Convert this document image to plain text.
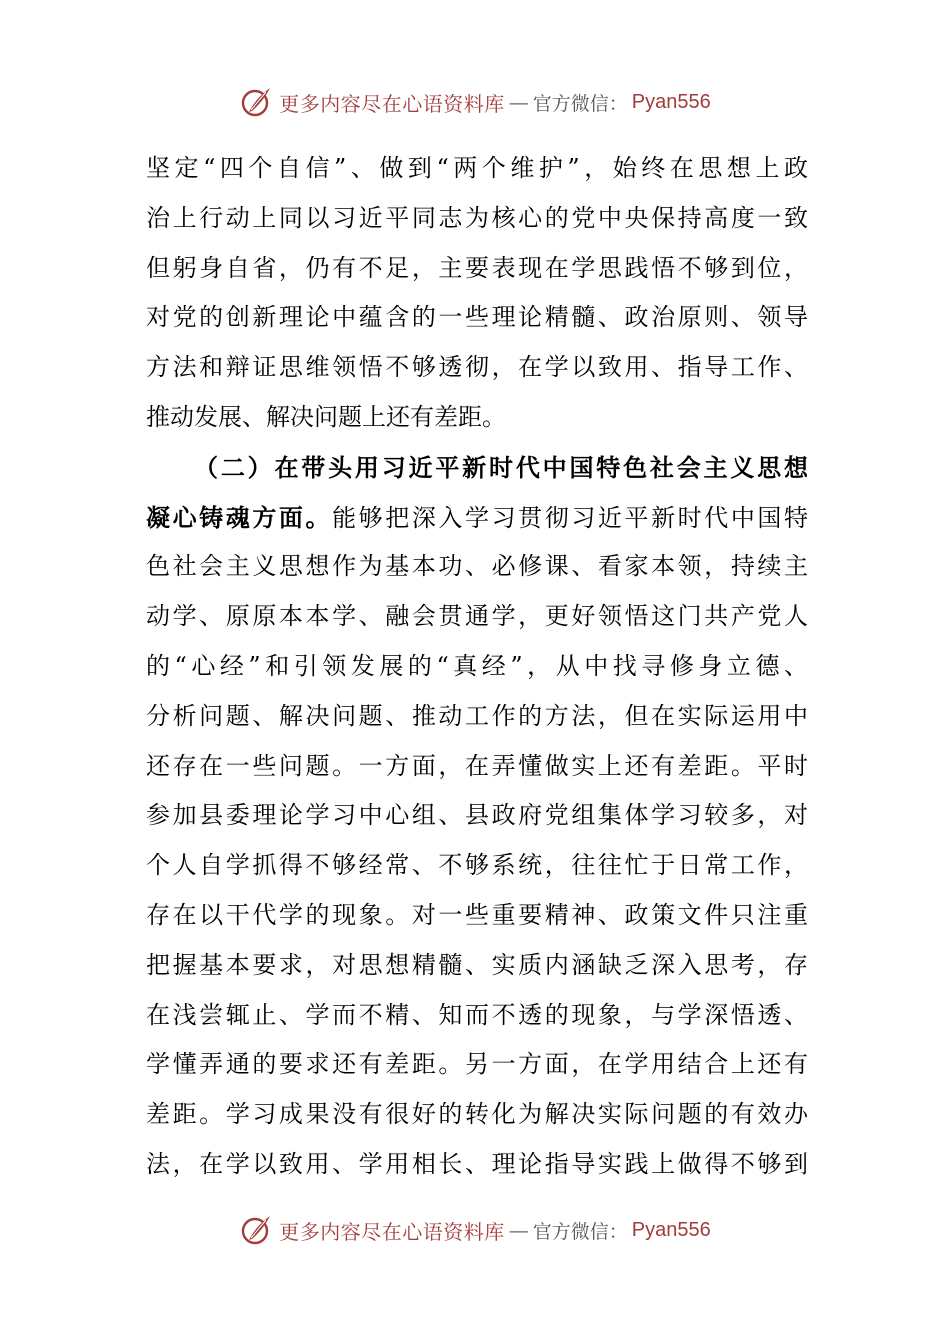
更多内容尽在心语资料库 — 官方微信： Pyan556
坚定“四个自信”、做到“两个维护”，始终在思想上政
治上行动上同以习近平同志为核心的党中央保持高度一致
但躬身自省，仍有不足，主要表现在学思践悟不够到位，
对党的创新理论中蕴含的一些理论精髓、政治原则、领导
方法和辩证思维领悟不够透彻，在学以致用、指导工作、
推动发展、解决问题上还有差距。
（二）在带头用习近平新时代中国特色社会主义思想
凝心铸魂方面。能够把深入学习贯彻习近平新时代中国特
色社会主义思想作为基本功、必修课、看家本领，持续主
动学、原原本本学、融会贯通学，更好领悟这门共产党人
的“心经”和引领发展的“真经”，从中找寻修身立德、
分析问题、解决问题、推动工作的方法，但在实际运用中
还存在一些问题。一方面，在弄懂做实上还有差距。平时
参加县委理论学习中心组、县政府党组集体学习较多，对
个人自学抓得不够经常、不够系统，往往忙于日常工作，
存在以干代学的现象。对一些重要精神、政策文件只注重
把握基本要求，对思想精髓、实质内涵缺乏深入思考，存
在浅尝辄止、学而不精、知而不透的现象，与学深悟透、
学懂弄通的要求还有差距。另一方面，在学用结合上还有
差距。学习成果没有很好的转化为解决实际问题的有效办
法，在学以致用、学用相长、理论指导实践上做得不够到
更多内容尽在心语资料库 — 官方微信： Pyan556
